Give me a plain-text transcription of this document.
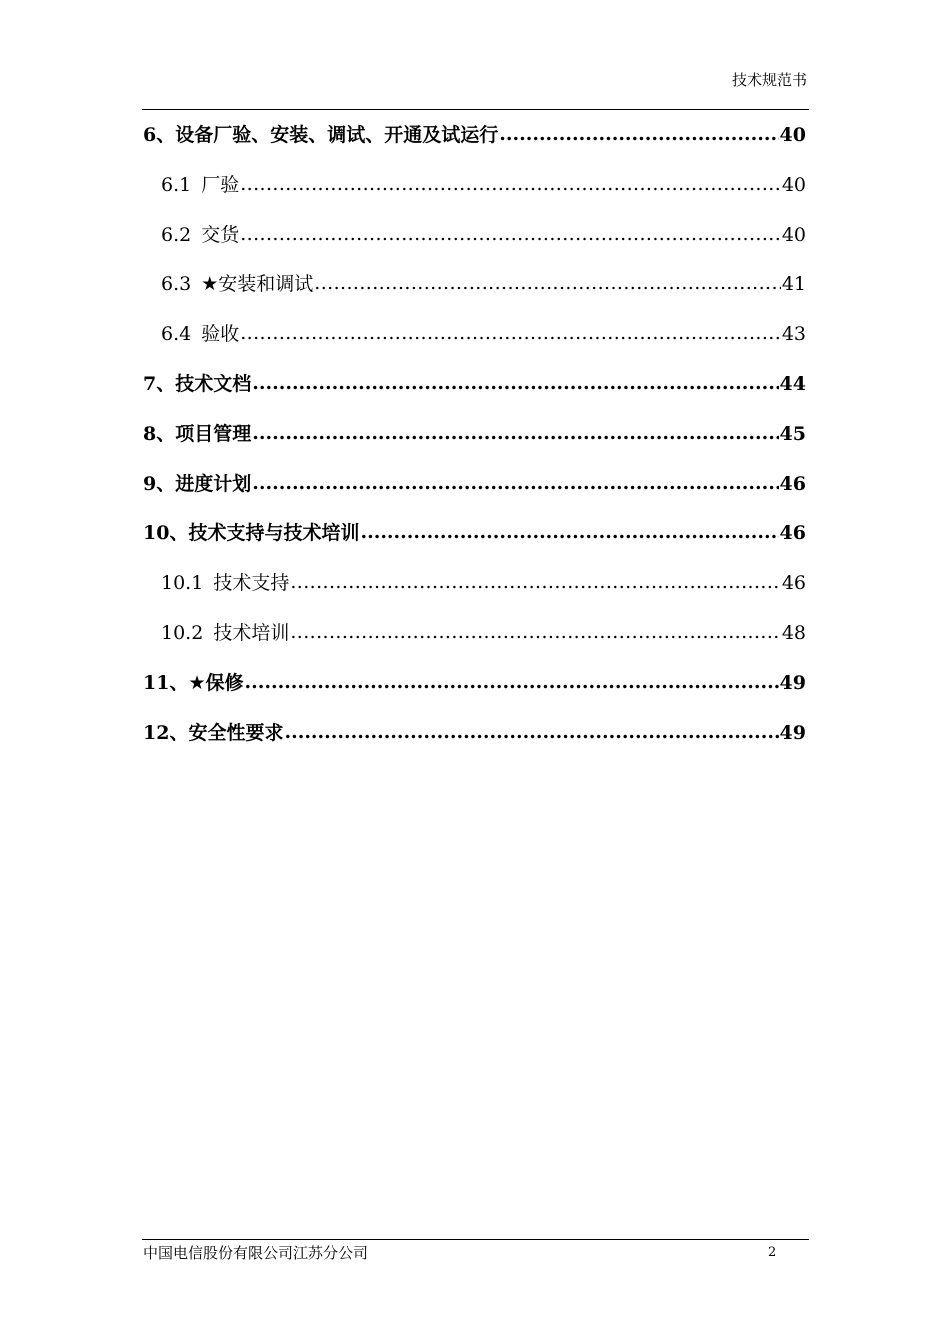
技术规范书
6、 设备厂验、安装、调试、开通及试运行 .....	40
6.1 厂验 .....	40
6.2 交货 .....	40
6.3 ★安装和调试 .....	41
6.4 验收 .....	43
7、 技术文档 .....	44
8、 项目管理 .....	45
9、 进度计划 .....	46
10、 技术支持与技术培训 .....	46
10.1 技术支持 .....	46
10.2 技术培训 .....	48
11、 ★保修 .....	49
12、 安全性要求 .....	49
中国电信股份有限公司江苏分公司	2
